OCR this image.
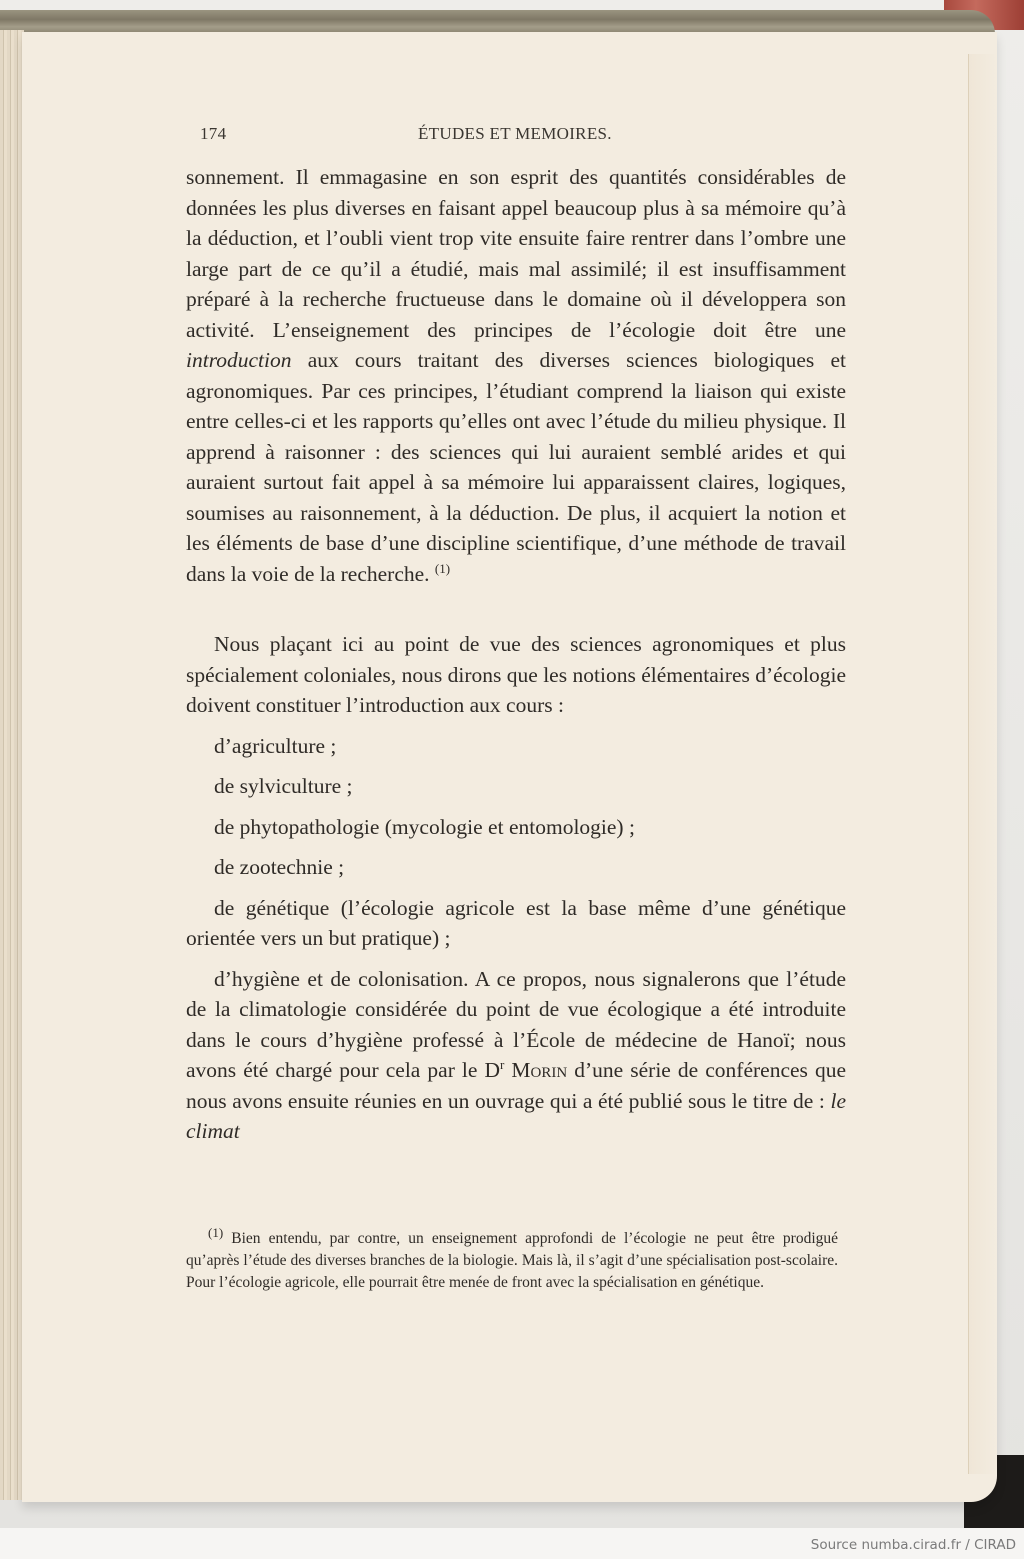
174	ÉTUDES ET MEMOIRES.

sonnement. Il emmagasine en son esprit des quantités considérables de données les plus diverses en faisant appel beaucoup plus à sa mémoire qu’à la déduction, et l’oubli vient trop vite ensuite faire rentrer dans l’ombre une large part de ce qu’il a étudié, mais mal assimilé; il est insuffisamment préparé à la recherche fructueuse dans le domaine où il développera son activité. L’enseignement des principes de l’écologie doit être une introduction aux cours traitant des diverses sciences biologiques et agronomiques. Par ces principes, l’étudiant comprend la liaison qui existe entre celles-ci et les rapports qu’elles ont avec l’étude du milieu physique. Il apprend à raisonner : des sciences qui lui auraient semblé arides et qui auraient surtout fait appel à sa mémoire lui apparaissent claires, logiques, soumises au raisonnement, à la déduction. De plus, il acquiert la notion et les éléments de base d’une discipline scientifique, d’une méthode de travail dans la voie de la recherche. $^{(1)}$

Nous plaçant ici au point de vue des sciences agronomiques et plus spécialement coloniales, nous dirons que les notions élémentaires d’écologie doivent constituer l’introduction aux cours :

d’agriculture ;

de sylviculture ;

de phytopathologie (mycologie et entomologie) ;

de zootechnie ;

de génétique (l’écologie agricole est la base même d’une génétique orientée vers un but pratique) ;

d’hygiène et de colonisation. A ce propos, nous signalerons que l’étude de la climatologie considérée du point de vue écologique a été introduite dans le cours d’hygiène professé à l’École de médecine de Hanoï; nous avons été chargé pour cela par le $D^r$ Morin d’une série de conférences que nous avons ensuite réunies en un ouvrage qui a été publié sous le titre de : le climat

$^{(1)}$ Bien entendu, par contre, un enseignement approfondi de l’écologie ne peut être prodigué qu’après l’étude des diverses branches de la biologie. Mais là, il s’agit d’une spécialisation post-scolaire. Pour l’écologie agricole, elle pourrait être menée de front avec la spécialisation en génétique.

Source numba.cirad.fr / CIRAD
